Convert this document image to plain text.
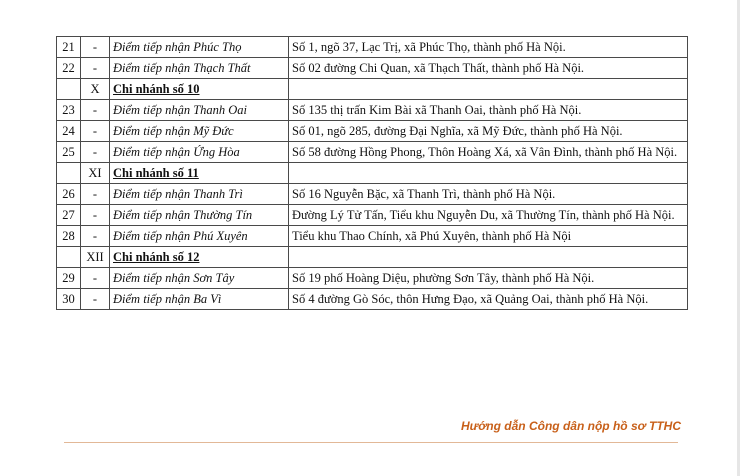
21	-	Điểm tiếp nhận Phúc Thọ	Số 1, ngõ 37, Lạc Trị, xã Phúc Thọ, thành phố Hà Nội.
22	-	Điểm tiếp nhận Thạch Thất	Số 02 đường Chi Quan, xã Thạch Thất, thành phố Hà Nội.
	X	Chi nhánh số 10	
23	-	Điểm tiếp nhận Thanh Oai	Số 135 thị trấn Kim Bài xã Thanh Oai, thành phố Hà Nội.
24	-	Điểm tiếp nhận Mỹ Đức	Số 01, ngõ 285, đường Đại Nghĩa, xã Mỹ Đức, thành phố Hà Nội.
25	-	Điểm tiếp nhận Ứng Hòa	Số 58 đường Hồng Phong, Thôn Hoàng Xá, xã Vân Đình, thành phố Hà Nội.
	XI	Chi nhánh số 11	
26	-	Điểm tiếp nhận Thanh Trì	Số 16 Nguyễn Bặc, xã Thanh Trì, thành phố Hà Nội.
27	-	Điểm tiếp nhận Thường Tín	Đường Lý Tử Tấn, Tiểu khu Nguyễn Du, xã Thường Tín, thành phố Hà Nội.
28	-	Điểm tiếp nhận Phú Xuyên	Tiểu khu Thao Chính, xã Phú Xuyên, thành phố Hà Nội
	XII	Chi nhánh số 12	
29	-	Điểm tiếp nhận Sơn Tây	Số 19 phố Hoàng Diệu, phường Sơn Tây, thành phố Hà Nội.
30	-	Điểm tiếp nhận Ba Vì	Số 4 đường Gò Sóc, thôn Hưng Đạo, xã Quảng Oai, thành phố Hà Nội.
Hướng dẫn Công dân nộp hồ sơ TTHC
